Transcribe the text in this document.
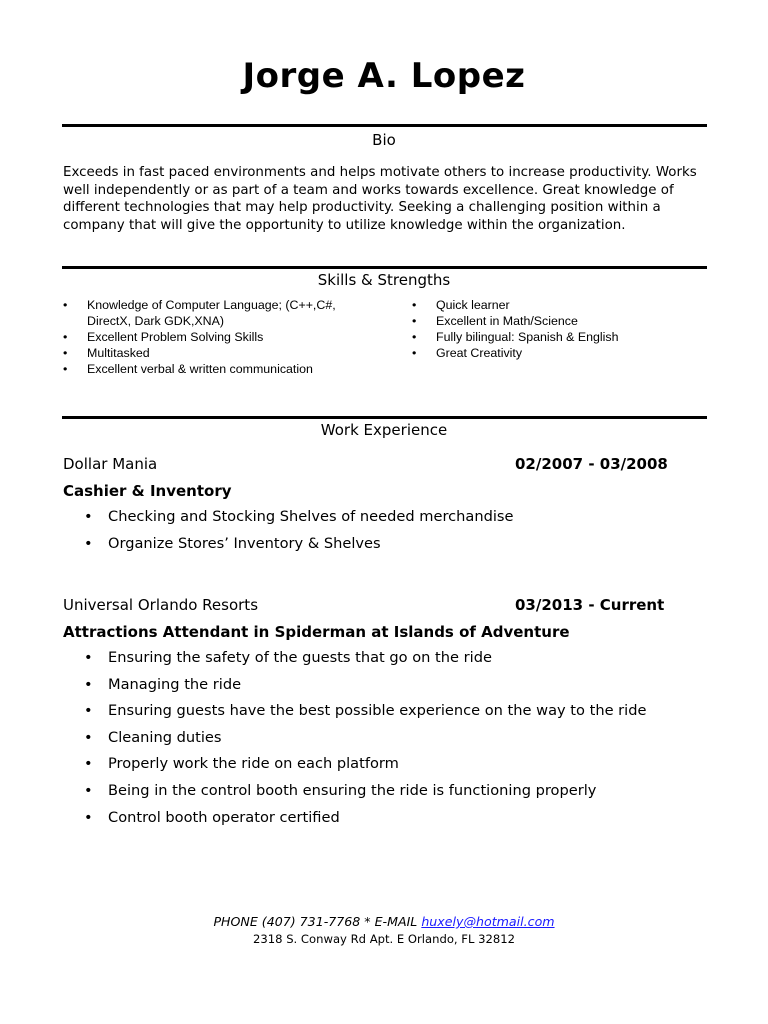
Jorge A. Lopez
Bio
Exceeds in fast paced environments and helps motivate others to increase productivity. Works well independently or as part of a team and works towards excellence. Great knowledge of different technologies that may help productivity. Seeking a challenging position within a company that will give the opportunity to utilize knowledge within the organization.
Skills & Strengths
• Knowledge of Computer Language; (C++,C#, DirectX, Dark GDK,XNA)
• Excellent Problem Solving Skills
• Multitasked
• Excellent verbal & written communication
• Quick learner
• Excellent in Math/Science
• Fully bilingual: Spanish & English
• Great Creativity
Work Experience
Dollar Mania	02/2007 - 03/2008
Cashier & Inventory
• Checking and Stocking Shelves of needed merchandise
• Organize Stores’ Inventory & Shelves
Universal Orlando Resorts	03/2013 - Current
Attractions Attendant in Spiderman at Islands of Adventure
• Ensuring the safety of the guests that go on the ride
• Managing the ride
• Ensuring guests have the best possible experience on the way to the ride
• Cleaning duties
• Properly work the ride on each platform
• Being in the control booth ensuring the ride is functioning properly
• Control booth operator certified
PHONE (407) 731-7768 * E-MAIL huxely@hotmail.com
2318 S. Conway Rd Apt. E Orlando, FL 32812
